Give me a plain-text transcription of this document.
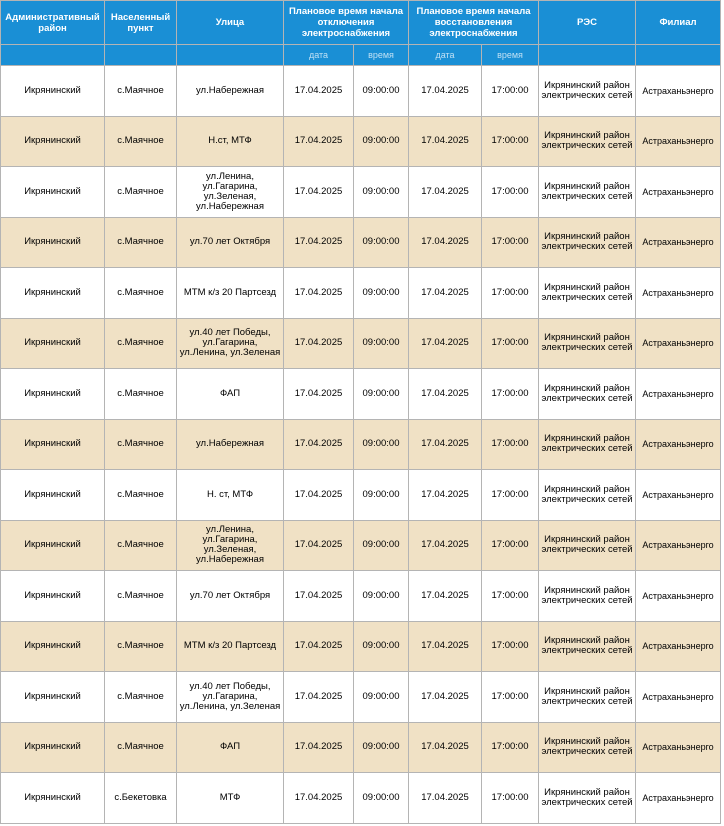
Административный район	Населенный пункт	Улица	Плановое время начала отключения электроснабжения		Плановое время начала восстановления электроснабжения		РЭС	Филиал
			дата	время	дата	время		
Икрянинский	с.Маячное	ул.Набережная	17.04.2025	09:00:00	17.04.2025	17:00:00	Икрянинский район электрических сетей	Астраханьэнерго
Икрянинский	с.Маячное	Н.ст, МТФ	17.04.2025	09:00:00	17.04.2025	17:00:00	Икрянинский район электрических сетей	Астраханьэнерго
Икрянинский	с.Маячное	ул.Ленина, ул.Гагарина, ул.Зеленая, ул.Набережная	17.04.2025	09:00:00	17.04.2025	17:00:00	Икрянинский район электрических сетей	Астраханьэнерго
Икрянинский	с.Маячное	ул.70 лет Октября	17.04.2025	09:00:00	17.04.2025	17:00:00	Икрянинский район электрических сетей	Астраханьэнерго
Икрянинский	с.Маячное	МТМ к/з 20 Партсезд	17.04.2025	09:00:00	17.04.2025	17:00:00	Икрянинский район электрических сетей	Астраханьэнерго
Икрянинский	с.Маячное	ул.40 лет Победы, ул.Гагарина, ул.Ленина, ул.Зеленая	17.04.2025	09:00:00	17.04.2025	17:00:00	Икрянинский район электрических сетей	Астраханьэнерго
Икрянинский	с.Маячное	ФАП	17.04.2025	09:00:00	17.04.2025	17:00:00	Икрянинский район электрических сетей	Астраханьэнерго
Икрянинский	с.Маячное	ул.Набережная	17.04.2025	09:00:00	17.04.2025	17:00:00	Икрянинский район электрических сетей	Астраханьэнерго
Икрянинский	с.Маячное	Н. ст, МТФ	17.04.2025	09:00:00	17.04.2025	17:00:00	Икрянинский район электрических сетей	Астраханьэнерго
Икрянинский	с.Маячное	ул.Ленина, ул.Гагарина, ул.Зеленая, ул.Набережная	17.04.2025	09:00:00	17.04.2025	17:00:00	Икрянинский район электрических сетей	Астраханьэнерго
Икрянинский	с.Маячное	ул.70 лет Октября	17.04.2025	09:00:00	17.04.2025	17:00:00	Икрянинский район электрических сетей	Астраханьэнерго
Икрянинский	с.Маячное	МТМ к/з 20 Партсезд	17.04.2025	09:00:00	17.04.2025	17:00:00	Икрянинский район электрических сетей	Астраханьэнерго
Икрянинский	с.Маячное	ул.40 лет Победы, ул.Гагарина, ул.Ленина, ул.Зеленая	17.04.2025	09:00:00	17.04.2025	17:00:00	Икрянинский район электрических сетей	Астраханьэнерго
Икрянинский	с.Маячное	ФАП	17.04.2025	09:00:00	17.04.2025	17:00:00	Икрянинский район электрических сетей	Астраханьэнерго
Икрянинский	с.Бекетовка	МТФ	17.04.2025	09:00:00	17.04.2025	17:00:00	Икрянинский район электрических сетей	Астраханьэнерго
